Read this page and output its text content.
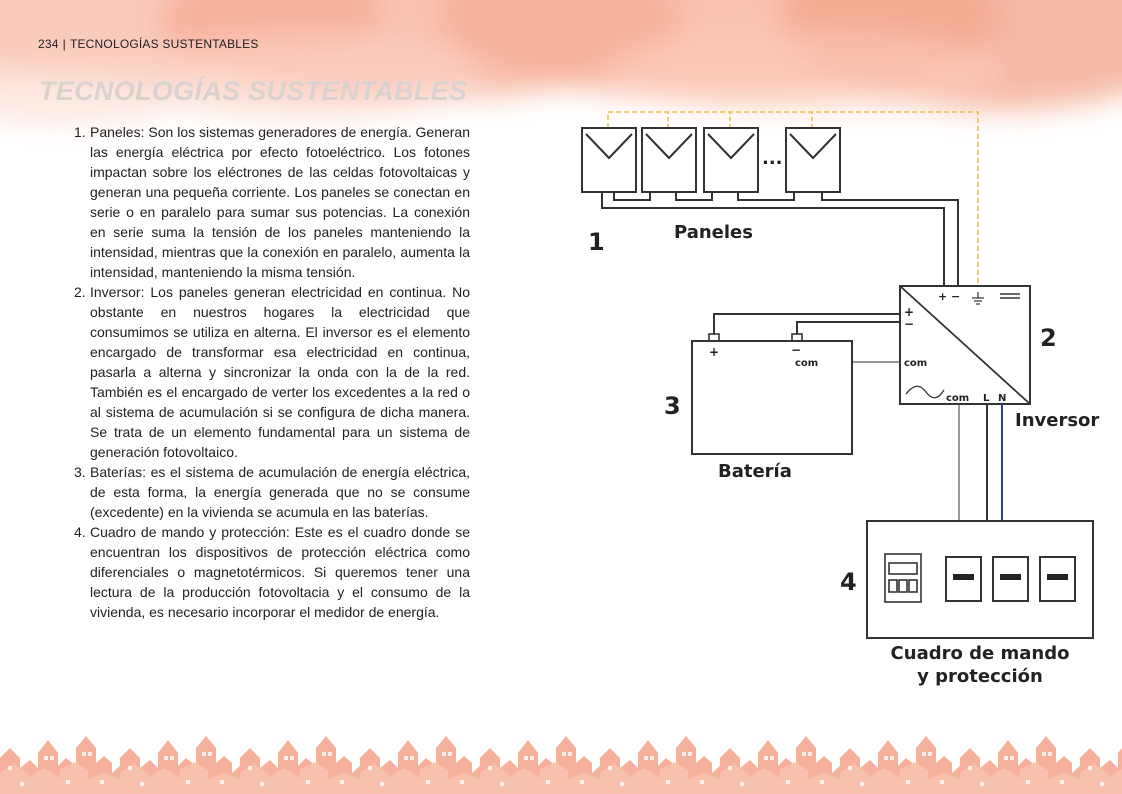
234 | TECNOLOGÍAS SUSTENTABLES
TECNOLOGÍAS SUSTENTABLES
1. Paneles: Son los sistemas generadores de energía. Generan las energía eléctrica por efecto fotoeléctrico. Los fotones impactan sobre los eléctrones de las celdas fotovoltaicas y generan una pequeña corriente. Los paneles se conectan en serie o en paralelo para sumar sus potencias. La conexión en serie suma la tensión de los paneles manteniendo la intensidad, mientras que la conexión en paralelo, aumenta la intensidad, manteniendo la misma tensión.
2. Inversor: Los paneles generan electricidad en continua. No obstante en nuestros hogares la electricidad que consumimos se utiliza en alterna. El inversor es el elemento encargado de transformar esa electricidad en continua, pasarla a alterna y sincronizar la onda con la de la red. También es el encargado de verter los excedentes a la red o al sistema de acumulación si se configura de dicha manera. Se trata de un elemento fundamental para un sistema de generación fotovoltaico.
3. Baterías: es el sistema de acumulación de energía eléctrica, de esta forma, la energía generada que no se consume (excedente) en la vivienda se acumula en las baterías.
4. Cuadro de mando y protección: Este es el cuadro donde se encuentran los dispositivos de protección eléctrica como diferenciales o magnetotérmicos. Si queremos tener una lectura de la producción fotovoltacia y el consumo de la vivienda, es necesario incorporar el medidor de energía.
...
1	Paneles
+ −
+
−
com
com L N
2
Inversor
+	−
com
3
Batería
4
Cuadro de mando
y protección
